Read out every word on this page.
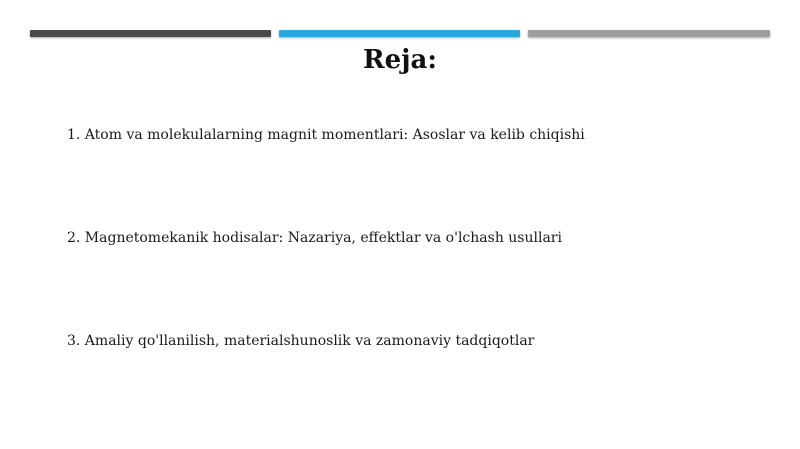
Reja:
1. Atom va molekulalarning magnit momentlari: Asoslar va kelib chiqishi
2. Magnetomekanik hodisalar: Nazariya, effektlar va o'lchash usullari
3. Amaliy qo'llanilish, materialshunoslik va zamonaviy tadqiqotlar
